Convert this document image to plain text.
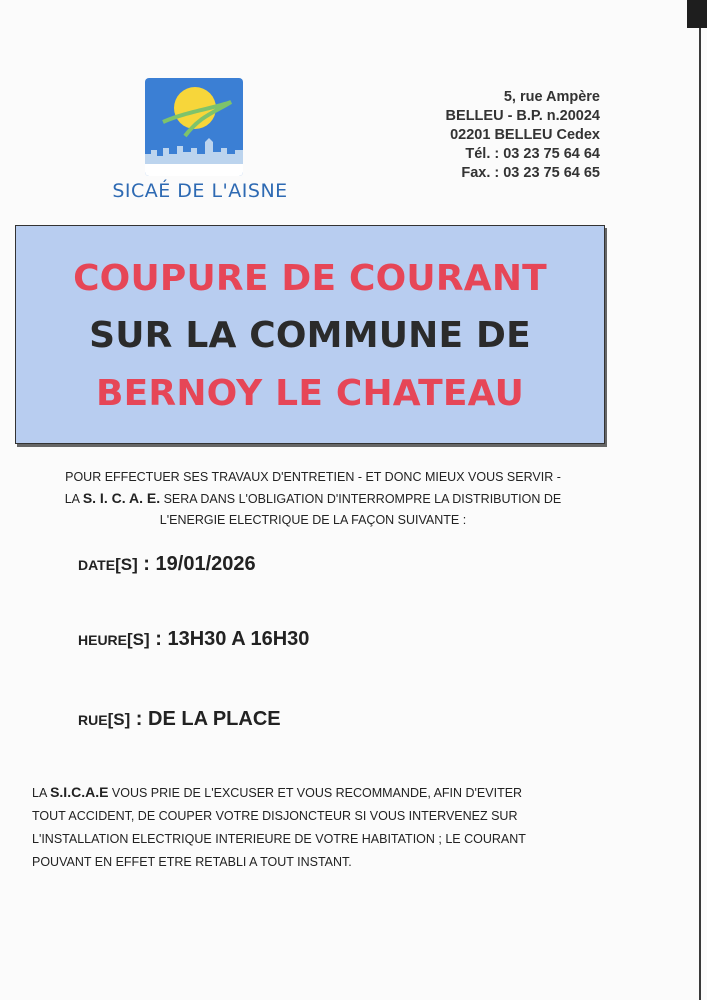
SICAÉ DE L'AISNE
5, rue Ampère
BELLEU - B.P. n.20024
02201 BELLEU Cedex
Tél. : 03 23 75 64 64
Fax. : 03 23 75 64 65
COUPURE DE COURANT
SUR LA COMMUNE DE
BERNOY LE CHATEAU
POUR EFFECTUER SES TRAVAUX D'ENTRETIEN - ET DONC MIEUX VOUS SERVIR -
LA S. I. C. A. E. SERA DANS L'OBLIGATION D'INTERROMPRE LA DISTRIBUTION DE
L'ENERGIE ELECTRIQUE DE LA FAÇON SUIVANTE :
DATE[S] : 19/01/2026
HEURE[S] : 13H30 A 16H30
RUE[S] : DE LA PLACE
LA S.I.C.A.E VOUS PRIE DE L'EXCUSER ET VOUS RECOMMANDE, AFIN D'EVITER
TOUT ACCIDENT, DE COUPER VOTRE DISJONCTEUR SI VOUS INTERVENEZ SUR
L'INSTALLATION ELECTRIQUE INTERIEURE DE VOTRE HABITATION ; LE COURANT
POUVANT EN EFFET ETRE RETABLI A TOUT INSTANT.
